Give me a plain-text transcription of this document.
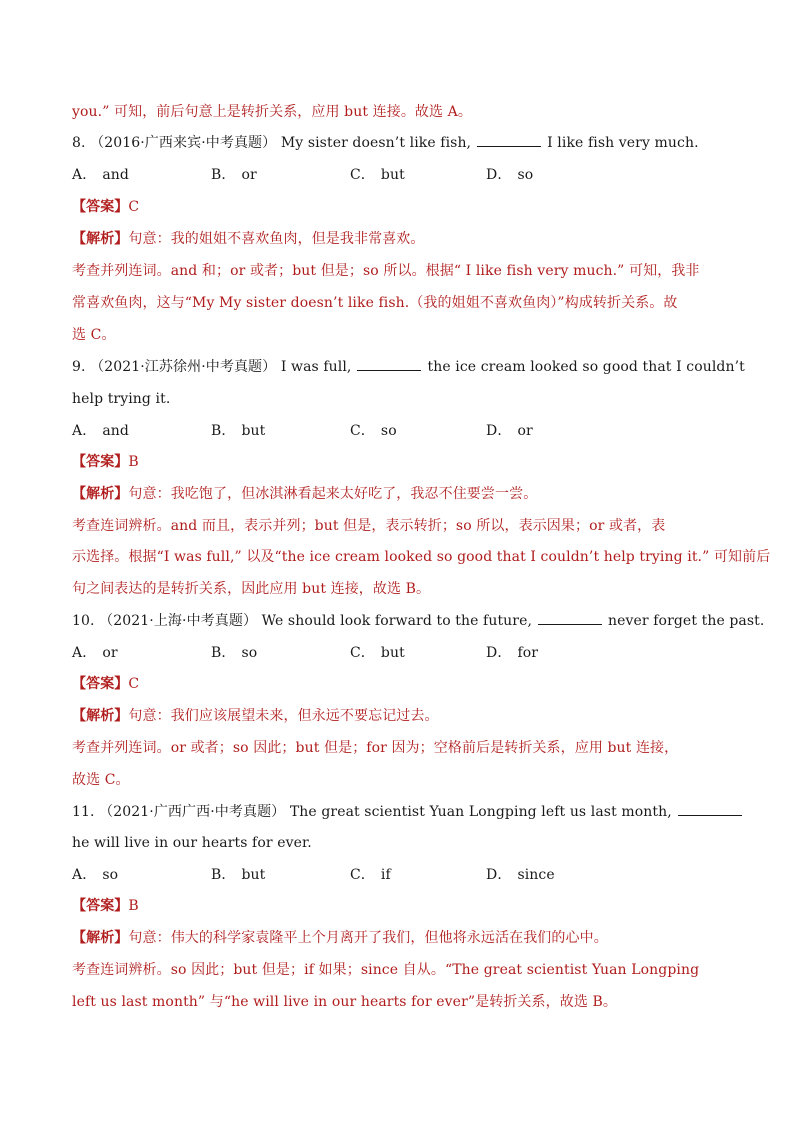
you.” 可知，前后句意上是转折关系，应用 but 连接。故选 A。
8. （2016·广西来宾·中考真题） My sister doesn’t like fish,	I like fish very much.
A． and	B． or	C． but	D． so
【答案】C
【解析】句意：我的姐姐不喜欢鱼肉，但是我非常喜欢。
考查并列连词。and 和；or 或者；but 但是；so 所以。根据“ I like fish very much.” 可知，我非
常喜欢鱼肉，这与“My My sister doesn’t like fish.（我的姐姐不喜欢鱼肉）”构成转折关系。故
选 C。
9. （2021·江苏徐州·中考真题） I was full,	the ice cream looked so good that I couldn’t
help trying it.
A． and	B． but	C． so	D． or
【答案】B
【解析】句意：我吃饱了，但冰淇淋看起来太好吃了，我忍不住要尝一尝。
考查连词辨析。and 而且，表示并列；but 但是，表示转折；so 所以，表示因果；or 或者，表
示选择。根据“I was full,” 以及“the ice cream looked so good that I couldn’t help trying it.” 可知前后
句之间表达的是转折关系，因此应用 but 连接，故选 B。
10. （2021·上海·中考真题） We should look forward to the future,	never forget the past.
A． or	B． so	C． but	D． for
【答案】C
【解析】句意：我们应该展望未来，但永远不要忘记过去。
考查并列连词。or 或者；so 因此；but 但是；for 因为；空格前后是转折关系，应用 but 连接，
故选 C。
11. （2021·广西广西·中考真题） The great scientist Yuan Longping left us last month,
he will live in our hearts for ever.
A． so	B． but	C． if	D． since
【答案】B
【解析】句意：伟大的科学家袁隆平上个月离开了我们，但他将永远活在我们的心中。
考查连词辨析。so 因此；but 但是；if 如果；since 自从。“The great scientist Yuan Longping
left us last month” 与“he will live in our hearts for ever”是转折关系，故选 B。
